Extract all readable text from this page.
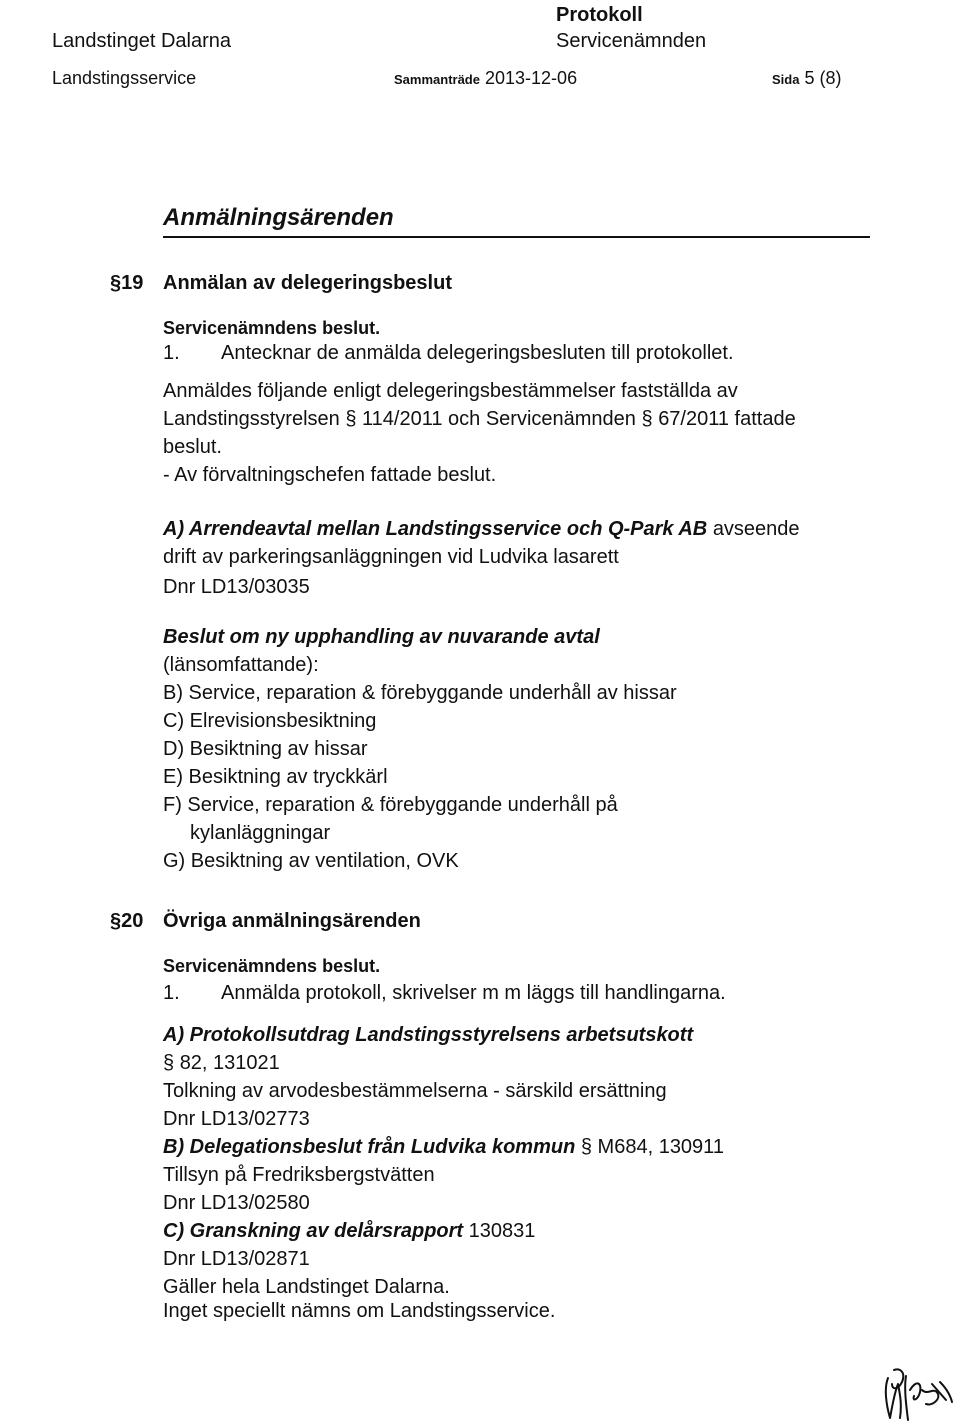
Landstinget Dalarna
Landstingsservice
Protokoll
Servicenämnden
Sammanträde 2013-12-06	Sida 5 (8)
Anmälningsärenden
§19 Anmälan av delegeringsbeslut
Servicenämndens beslut.
1. Antecknar de anmälda delegeringsbesluten till protokollet.
Anmäldes följande enligt delegeringsbestämmelser fastställda av
Landstingsstyrelsen § 114/2011 och Servicenämnden § 67/2011 fattade
beslut.
- Av förvaltningschefen fattade beslut.
A) Arrendeavtal mellan Landstingsservice och Q-Park AB avseende
drift av parkeringsanläggningen vid Ludvika lasarett
Dnr LD13/03035
Beslut om ny upphandling av nuvarande avtal
(länsomfattande):
B) Service, reparation & förebyggande underhåll av hissar
C) Elrevisionsbesiktning
D) Besiktning av hissar
E) Besiktning av tryckkärl
F) Service, reparation & förebyggande underhåll på
kylanläggningar
G) Besiktning av ventilation, OVK
§20 Övriga anmälningsärenden
Servicenämndens beslut.
1. Anmälda protokoll, skrivelser m m läggs till handlingarna.
A) Protokollsutdrag Landstingsstyrelsens arbetsutskott
§ 82, 131021
Tolkning av arvodesbestämmelserna - särskild ersättning
Dnr LD13/02773
B) Delegationsbeslut från Ludvika kommun § M684, 130911
Tillsyn på Fredriksbergstvätten
Dnr LD13/02580
C) Granskning av delårsrapport 130831
Dnr LD13/02871
Gäller hela Landstinget Dalarna.
Inget speciellt nämns om Landstingsservice.
